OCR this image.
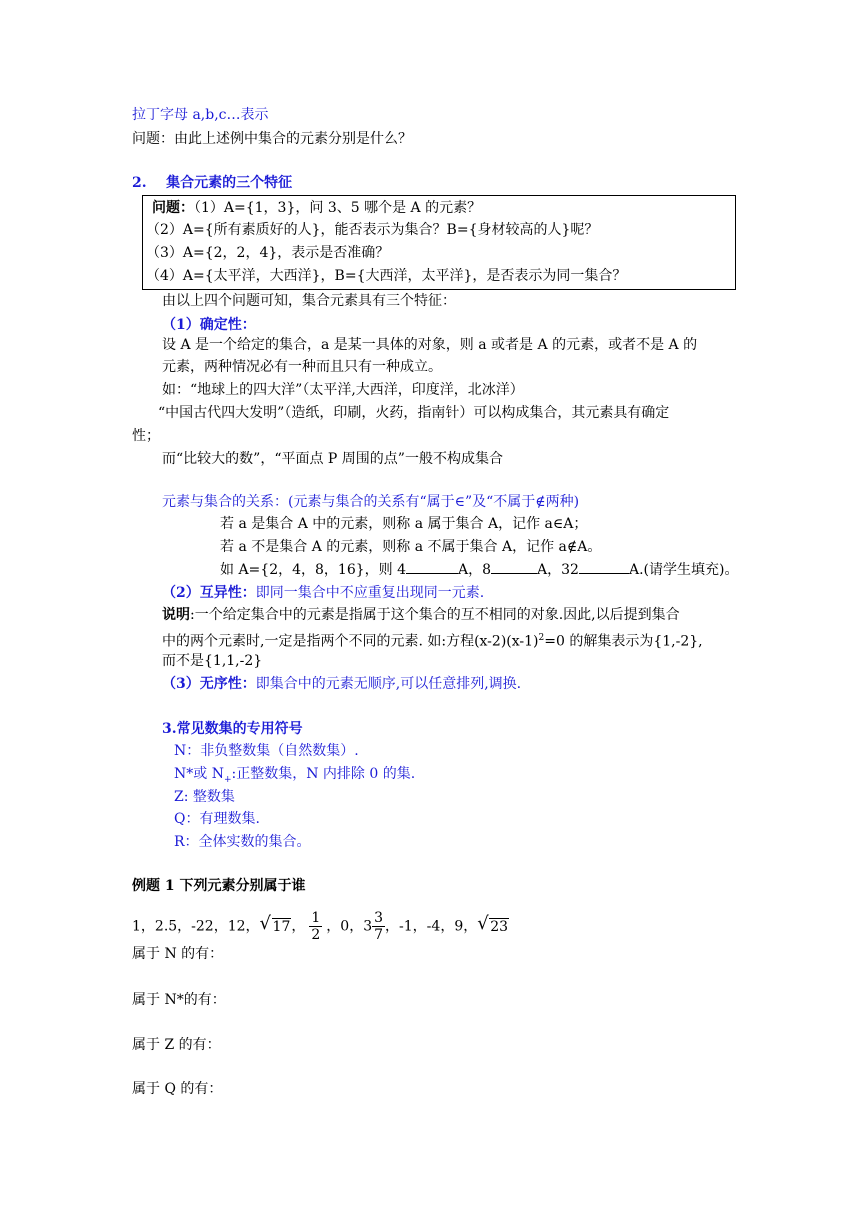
拉丁字母 a,b,c…表示
问题：由此上述例中集合的元素分别是什么？
2. 集合元素的三个特征
问题：（1）A={1，3}，问 3、5 哪个是 A 的元素？
（2）A={所有素质好的人}，能否表示为集合？B={身材较高的人}呢？
（3）A={2，2，4}，表示是否准确？
（4）A={太平洋，大西洋}，B={大西洋，太平洋}，是否表示为同一集合？
由以上四个问题可知，集合元素具有三个特征：
（1）确定性：
设 A 是一个给定的集合，a 是某一具体的对象，则 a 或者是 A 的元素，或者不是 A 的
元素，两种情况必有一种而且只有一种成立。
如：“地球上的四大洋”（太平洋,大西洋，印度洋，北冰洋）
“中国古代四大发明”（造纸，印刷，火药，指南针）可以构成集合，其元素具有确定
性；
而“比较大的数”，“平面点 P 周围的点”一般不构成集合
元素与集合的关系：(元素与集合的关系有“属于∈”及“不属于∉两种)
若 a 是集合 A 中的元素，则称 a 属于集合 A，记作 a∈A；
若 a 不是集合 A 的元素，则称 a 不属于集合 A，记作 a∉A。
如 A={2，4，8，16}，则 4	A，8	A，32	A.(请学生填充)。
（2）互异性：即同一集合中不应重复出现同一元素.
说明:一个给定集合中的元素是指属于这个集合的互不相同的对象.因此,以后提到集合
中的两个元素时,一定是指两个不同的元素. 如:方程$(x-2)(x-1)^2=0$ 的解集表示为{1,-2},
而不是{1,1,-2}
（3）无序性：即集合中的元素无顺序,可以任意排列,调换.
3.常见数集的专用符号
N：非负整数集（自然数集）.
N*或 $N_+$:正整数集，N 内排除 0 的集.
Z: 整数集
Q：有理数集.
R：全体实数的集合。
例题 1 下列元素分别属于谁
1，2.5，-22，12， √ 17， $\frac{1}{2}$ ，0，$3 \frac{3}{7}$ ，-1，-4，9， √ 23
属于 N 的有：
属于 N*的有：
属于 Z 的有：
属于 Q 的有：
